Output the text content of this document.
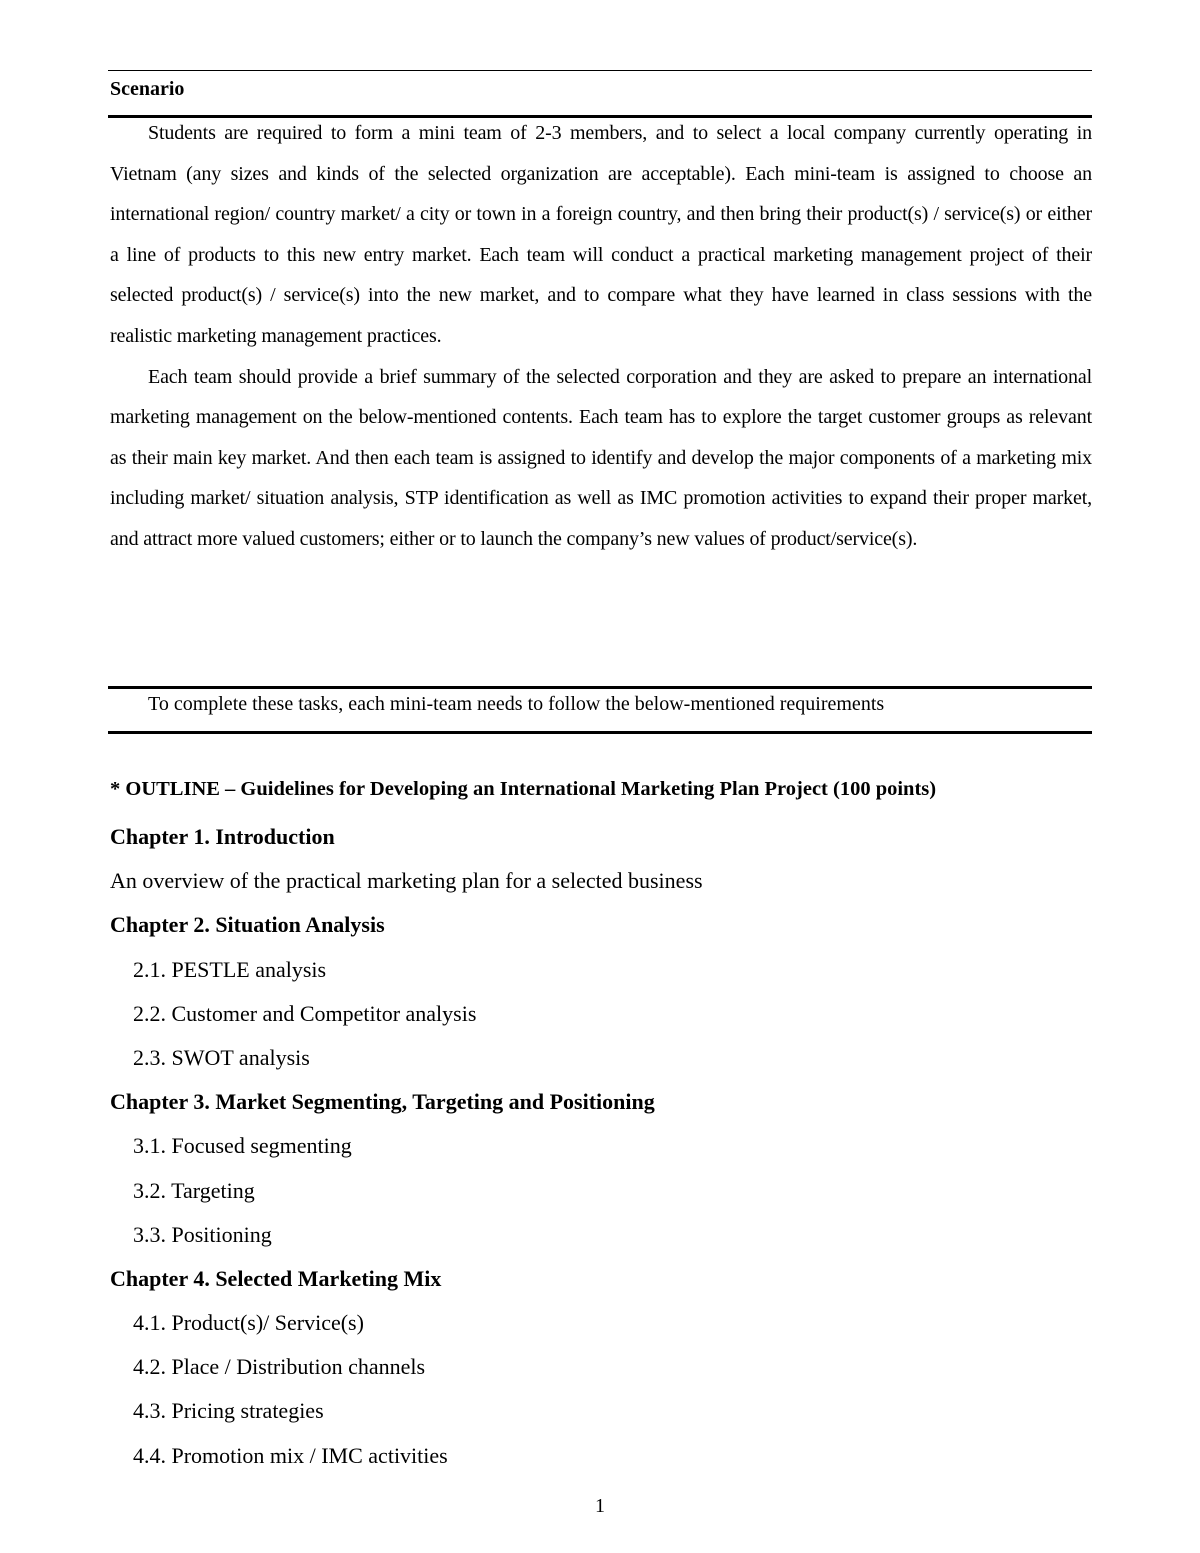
Scenario

Students are required to form a mini team of 2-3 members, and to select a local company currently operating in Vietnam (any sizes and kinds of the selected organization are acceptable). Each mini-team is assigned to choose an international region/ country market/ a city or town in a foreign country, and then bring their product(s) / service(s) or either a line of products to this new entry market. Each team will conduct a practical marketing management project of their selected product(s) / service(s) into the new market, and to compare what they have learned in class sessions with the realistic marketing management practices.

Each team should provide a brief summary of the selected corporation and they are asked to prepare an international marketing management on the below-mentioned contents. Each team has to explore the target customer groups as relevant as their main key market. And then each team is assigned to identify and develop the major components of a marketing mix including market/ situation analysis, STP identification as well as IMC promotion activities to expand their proper market, and attract more valued customers; either or to launch the company’s new values of product/service(s).

To complete these tasks, each mini-team needs to follow the below-mentioned requirements
* OUTLINE – Guidelines for Developing an International Marketing Plan Project (100 points)
Chapter 1. Introduction
An overview of the practical marketing plan for a selected business
Chapter 2. Situation Analysis
2.1. PESTLE analysis
2.2. Customer and Competitor analysis
2.3. SWOT analysis
Chapter 3. Market Segmenting, Targeting and Positioning
3.1. Focused segmenting
3.2. Targeting
3.3. Positioning
Chapter 4. Selected Marketing Mix
4.1. Product(s)/ Service(s)
4.2. Place / Distribution channels
4.3. Pricing strategies
4.4. Promotion mix / IMC activities
1
